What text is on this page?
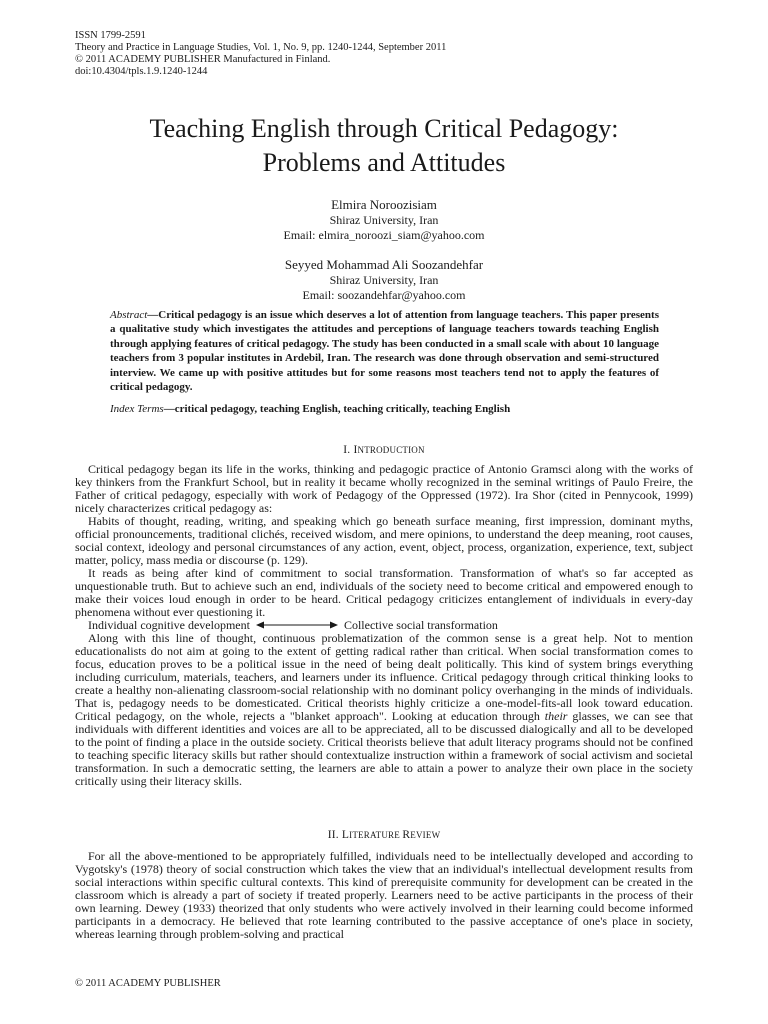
ISSN 1799-2591
Theory and Practice in Language Studies, Vol. 1, No. 9, pp. 1240-1244, September 2011
© 2011 ACADEMY PUBLISHER Manufactured in Finland.
doi:10.4304/tpls.1.9.1240-1244
Teaching English through Critical Pedagogy:
Problems and Attitudes
Elmira Noroozisiam
Shiraz University, Iran
Email: elmira_noroozi_siam@yahoo.com
Seyyed Mohammad Ali Soozandehfar
Shiraz University, Iran
Email: soozandehfar@yahoo.com
Abstract—Critical pedagogy is an issue which deserves a lot of attention from language teachers. This paper presents a qualitative study which investigates the attitudes and perceptions of language teachers towards teaching English through applying features of critical pedagogy. The study has been conducted in a small scale with about 10 language teachers from 3 popular institutes in Ardebil, Iran. The research was done through observation and semi-structured interview. We came up with positive attitudes but for some reasons most teachers tend not to apply the features of critical pedagogy.
Index Terms—critical pedagogy, teaching English, teaching critically, teaching English
I. INTRODUCTION

Critical pedagogy began its life in the works, thinking and pedagogic practice of Antonio Gramsci along with the works of key thinkers from the Frankfurt School, but in reality it became wholly recognized in the seminal writings of Paulo Freire, the Father of critical pedagogy, especially with work of Pedagogy of the Oppressed (1972). Ira Shor (cited in Pennycook, 1999) nicely characterizes critical pedagogy as:

Habits of thought, reading, writing, and speaking which go beneath surface meaning, first impression, dominant myths, official pronouncements, traditional clichés, received wisdom, and mere opinions, to understand the deep meaning, root causes, social context, ideology and personal circumstances of any action, event, object, process, organization, experience, text, subject matter, policy, mass media or discourse (p. 129).

It reads as being after kind of commitment to social transformation. Transformation of what's so far accepted as unquestionable truth. But to achieve such an end, individuals of the society need to become critical and empowered enough to make their voices loud enough in order to be heard. Critical pedagogy criticizes entanglement of individuals in every-day phenomena without ever questioning it.

Individual cognitive development	Collective social transformation

Along with this line of thought, continuous problematization of the common sense is a great help. Not to mention educationalists do not aim at going to the extent of getting radical rather than critical. When social transformation comes to focus, education proves to be a political issue in the need of being dealt politically. This kind of system brings everything including curriculum, materials, teachers, and learners under its influence. Critical pedagogy through critical thinking looks to create a healthy non-alienating classroom-social relationship with no dominant policy overhanging in the minds of individuals. That is, pedagogy needs to be domesticated. Critical theorists highly criticize a one-model-fits-all look toward education. Critical pedagogy, on the whole, rejects a "blanket approach". Looking at education through their glasses, we can see that individuals with different identities and voices are all to be appreciated, all to be discussed dialogically and all to be developed to the point of finding a place in the outside society. Critical theorists believe that adult literacy programs should not be confined to teaching specific literacy skills but rather should contextualize instruction within a framework of social activism and societal transformation. In such a democratic setting, the learners are able to attain a power to analyze their own place in the society critically using their literacy skills.

II. LITERATURE REVIEW

For all the above-mentioned to be appropriately fulfilled, individuals need to be intellectually developed and according to Vygotsky's (1978) theory of social construction which takes the view that an individual's intellectual development results from social interactions within specific cultural contexts. This kind of prerequisite community for development can be created in the classroom which is already a part of society if treated properly. Learners need to be active participants in the process of their own learning. Dewey (1933) theorized that only students who were actively involved in their learning could become informed participants in a democracy. He believed that rote learning contributed to the passive acceptance of one's place in society, whereas learning through problem-solving and practical

© 2011 ACADEMY PUBLISHER
